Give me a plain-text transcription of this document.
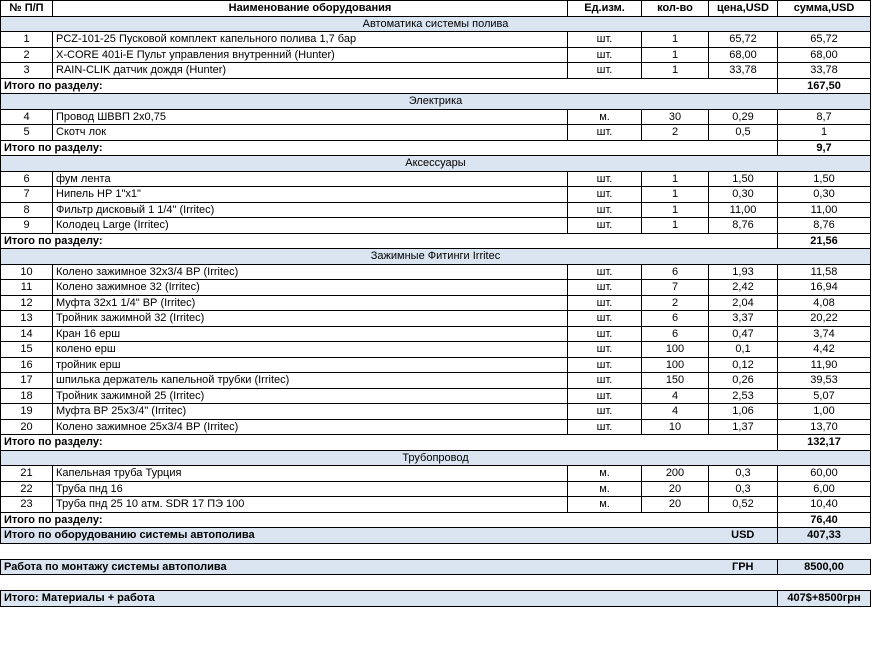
№ П/П	Наименование оборудования	Ед.изм.	кол-во	цена,USD	сумма,USD
Автоматика системы полива					
1	PCZ-101-25 Пусковой комплект капельного полива 1,7 бар	шт.	1	65,72	65,72
2	X-CORE 401i-E Пульт управления внутренний (Hunter)	шт.	1	68,00	68,00
3	RAIN-CLIK датчик дождя (Hunter)	шт.	1	33,78	33,78
Итого по разделу:					167,50
Электрика					
4	Провод ШВВП 2х0,75	м.	30	0,29	8,7
5	Скотч лок	шт.	2	0,5	1
Итого по разделу:					9,7
Аксессуары					
6	фум лента	шт.	1	1,50	1,50
7	Нипель НР 1"х1"	шт.	1	0,30	0,30
8	Фильтр дисковый 1 1/4" (Irritec)	шт.	1	11,00	11,00
9	Колодец Large (Irritec)	шт.	1	8,76	8,76
Итого по разделу:					21,56
Зажимные Фитинги Irritec					
10	Колено зажимное 32х3/4 ВР (Irritec)	шт.	6	1,93	11,58
11	Колено зажимное 32 (Irritec)	шт.	7	2,42	16,94
12	Муфта 32х1 1/4" ВР (Irritec)	шт.	2	2,04	4,08
13	Тройник зажимной 32 (Irritec)	шт.	6	3,37	20,22
14	Кран 16 ерш	шт.	6	0,47	3,74
15	колено ерш	шт.	100	0,1	4,42
16	тройник ерш	шт.	100	0,12	11,90
17	шпилька держатель капельной трубки (Irritec)	шт.	150	0,26	39,53
18	Тройник зажимной 25 (Irritec)	шт.	4	2,53	5,07
19	Муфта ВР 25х3/4" (Irritec)	шт.	4	1,06	1,00
20	Колено зажимное 25х3/4 ВР (Irritec)	шт.	10	1,37	13,70
Итого по разделу:					132,17
Трубопровод					
21	Капельная труба Турция	м.	200	0,3	60,00
22	Труба пнд 16	м.	20	0,3	6,00
23	Труба пнд 25 10 атм. SDR 17 ПЭ 100	м.	20	0,52	10,40
Итого по разделу:					76,40
Итого по оборудованию системы автополива				USD	407,33

Работа по монтажу системы автополива				ГРН	8500,00

Итого: Материалы + работа					407$+8500грн
